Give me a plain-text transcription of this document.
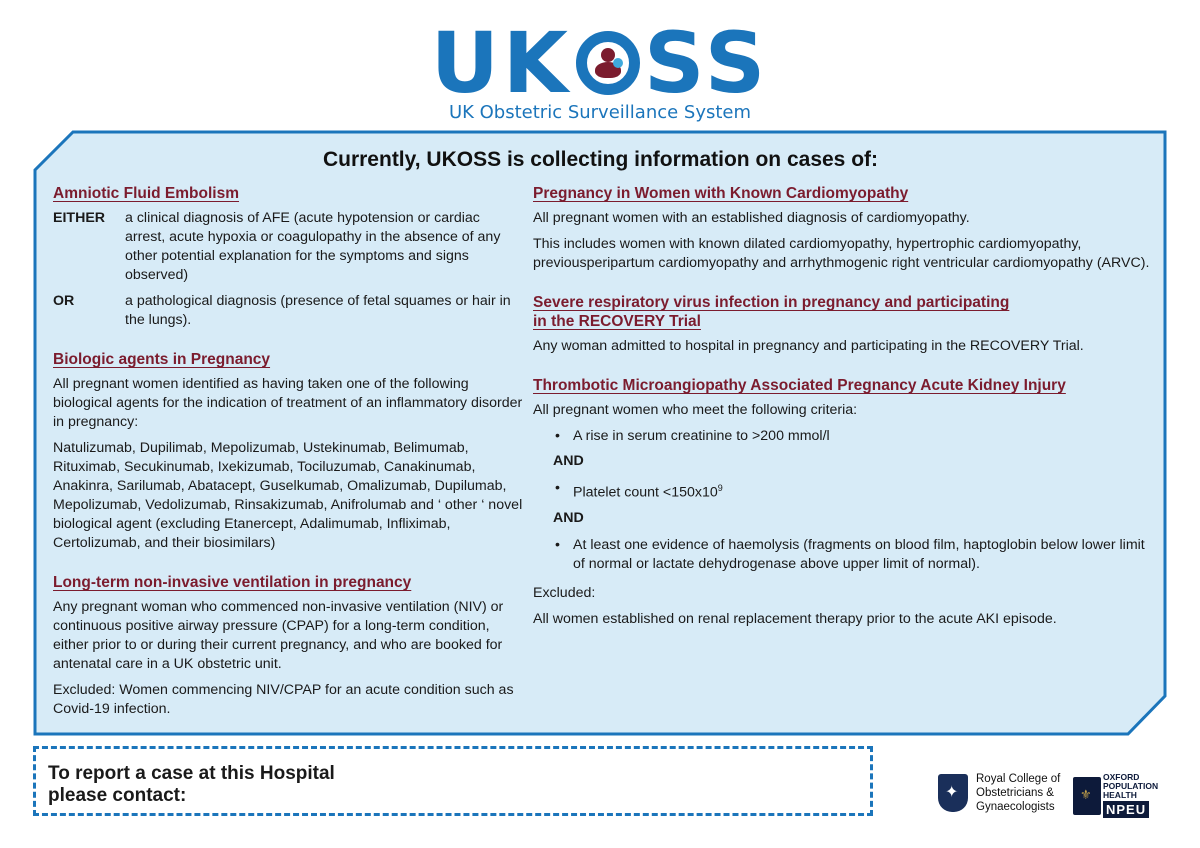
UK SS
UK Obstetric Surveillance System
Currently, UKOSS is collecting information on cases of:
Amniotic Fluid Embolism
EITHER	a clinical diagnosis of AFE (acute hypotension or cardiac arrest, acute hypoxia or coagulopathy in the absence of any other potential explanation for the symptoms and signs observed)
OR	a pathological diagnosis (presence of fetal squames or hair in the lungs).
Biologic agents in Pregnancy

All pregnant women identified as having taken one of the following biological agents for the indication of treatment of an inflammatory disorder in pregnancy:

Natulizumab, Dupilimab, Mepolizumab, Ustekinumab, Belimumab, Rituximab, Secukinumab, Ixekizumab, Tociluzumab, Canakinumab, Anakinra, Sarilumab, Abatacept, Guselkumab, Omalizumab, Dupilumab, Mepolizumab, Vedolizumab, Rinsakizumab, Anifrolumab and ‘ other ‘ novel biological agent (excluding Etanercept, Adalimumab, Infliximab, Certolizumab, and their biosimilars)

Long-term non-invasive ventilation in pregnancy

Any pregnant woman who commenced non-invasive ventilation (NIV) or continuous positive airway pressure (CPAP) for a long-term condition, either prior to or during their current pregnancy, and who are booked for antenatal care in a UK obstetric unit.

Excluded: Women commencing NIV/CPAP for an acute condition such as Covid-19 infection.

Pregnancy in Women with Known Cardiomyopathy

All pregnant women with an established diagnosis of cardiomyopathy.

This includes women with known dilated cardiomyopathy, hypertrophic cardiomyopathy, previousperipartum cardiomyopathy and arrhythmogenic right ventricular cardiomyopathy (ARVC).

Severe respiratory virus infection in pregnancy and participating
in the RECOVERY Trial

Any woman admitted to hospital in pregnancy and participating in the RECOVERY Trial.

Thrombotic Microangiopathy Associated Pregnancy Acute Kidney Injury

All pregnant women who meet the following criteria:

• A rise in serum creatinine to >200 mmol/l
AND
• Platelet count $<150x10^9$
AND
• At least one evidence of haemolysis (fragments on blood film, haptoglobin below lower limit of normal or lactate dehydrogenase above upper limit of normal).

Excluded:

All women established on renal replacement therapy prior to the acute AKI episode.

To report a case at this Hospital
please contact:
✦
Royal College of
Obstetricians &
Gynaecologists
⚜
OXFORD
POPULATION
HEALTH
NPEU
